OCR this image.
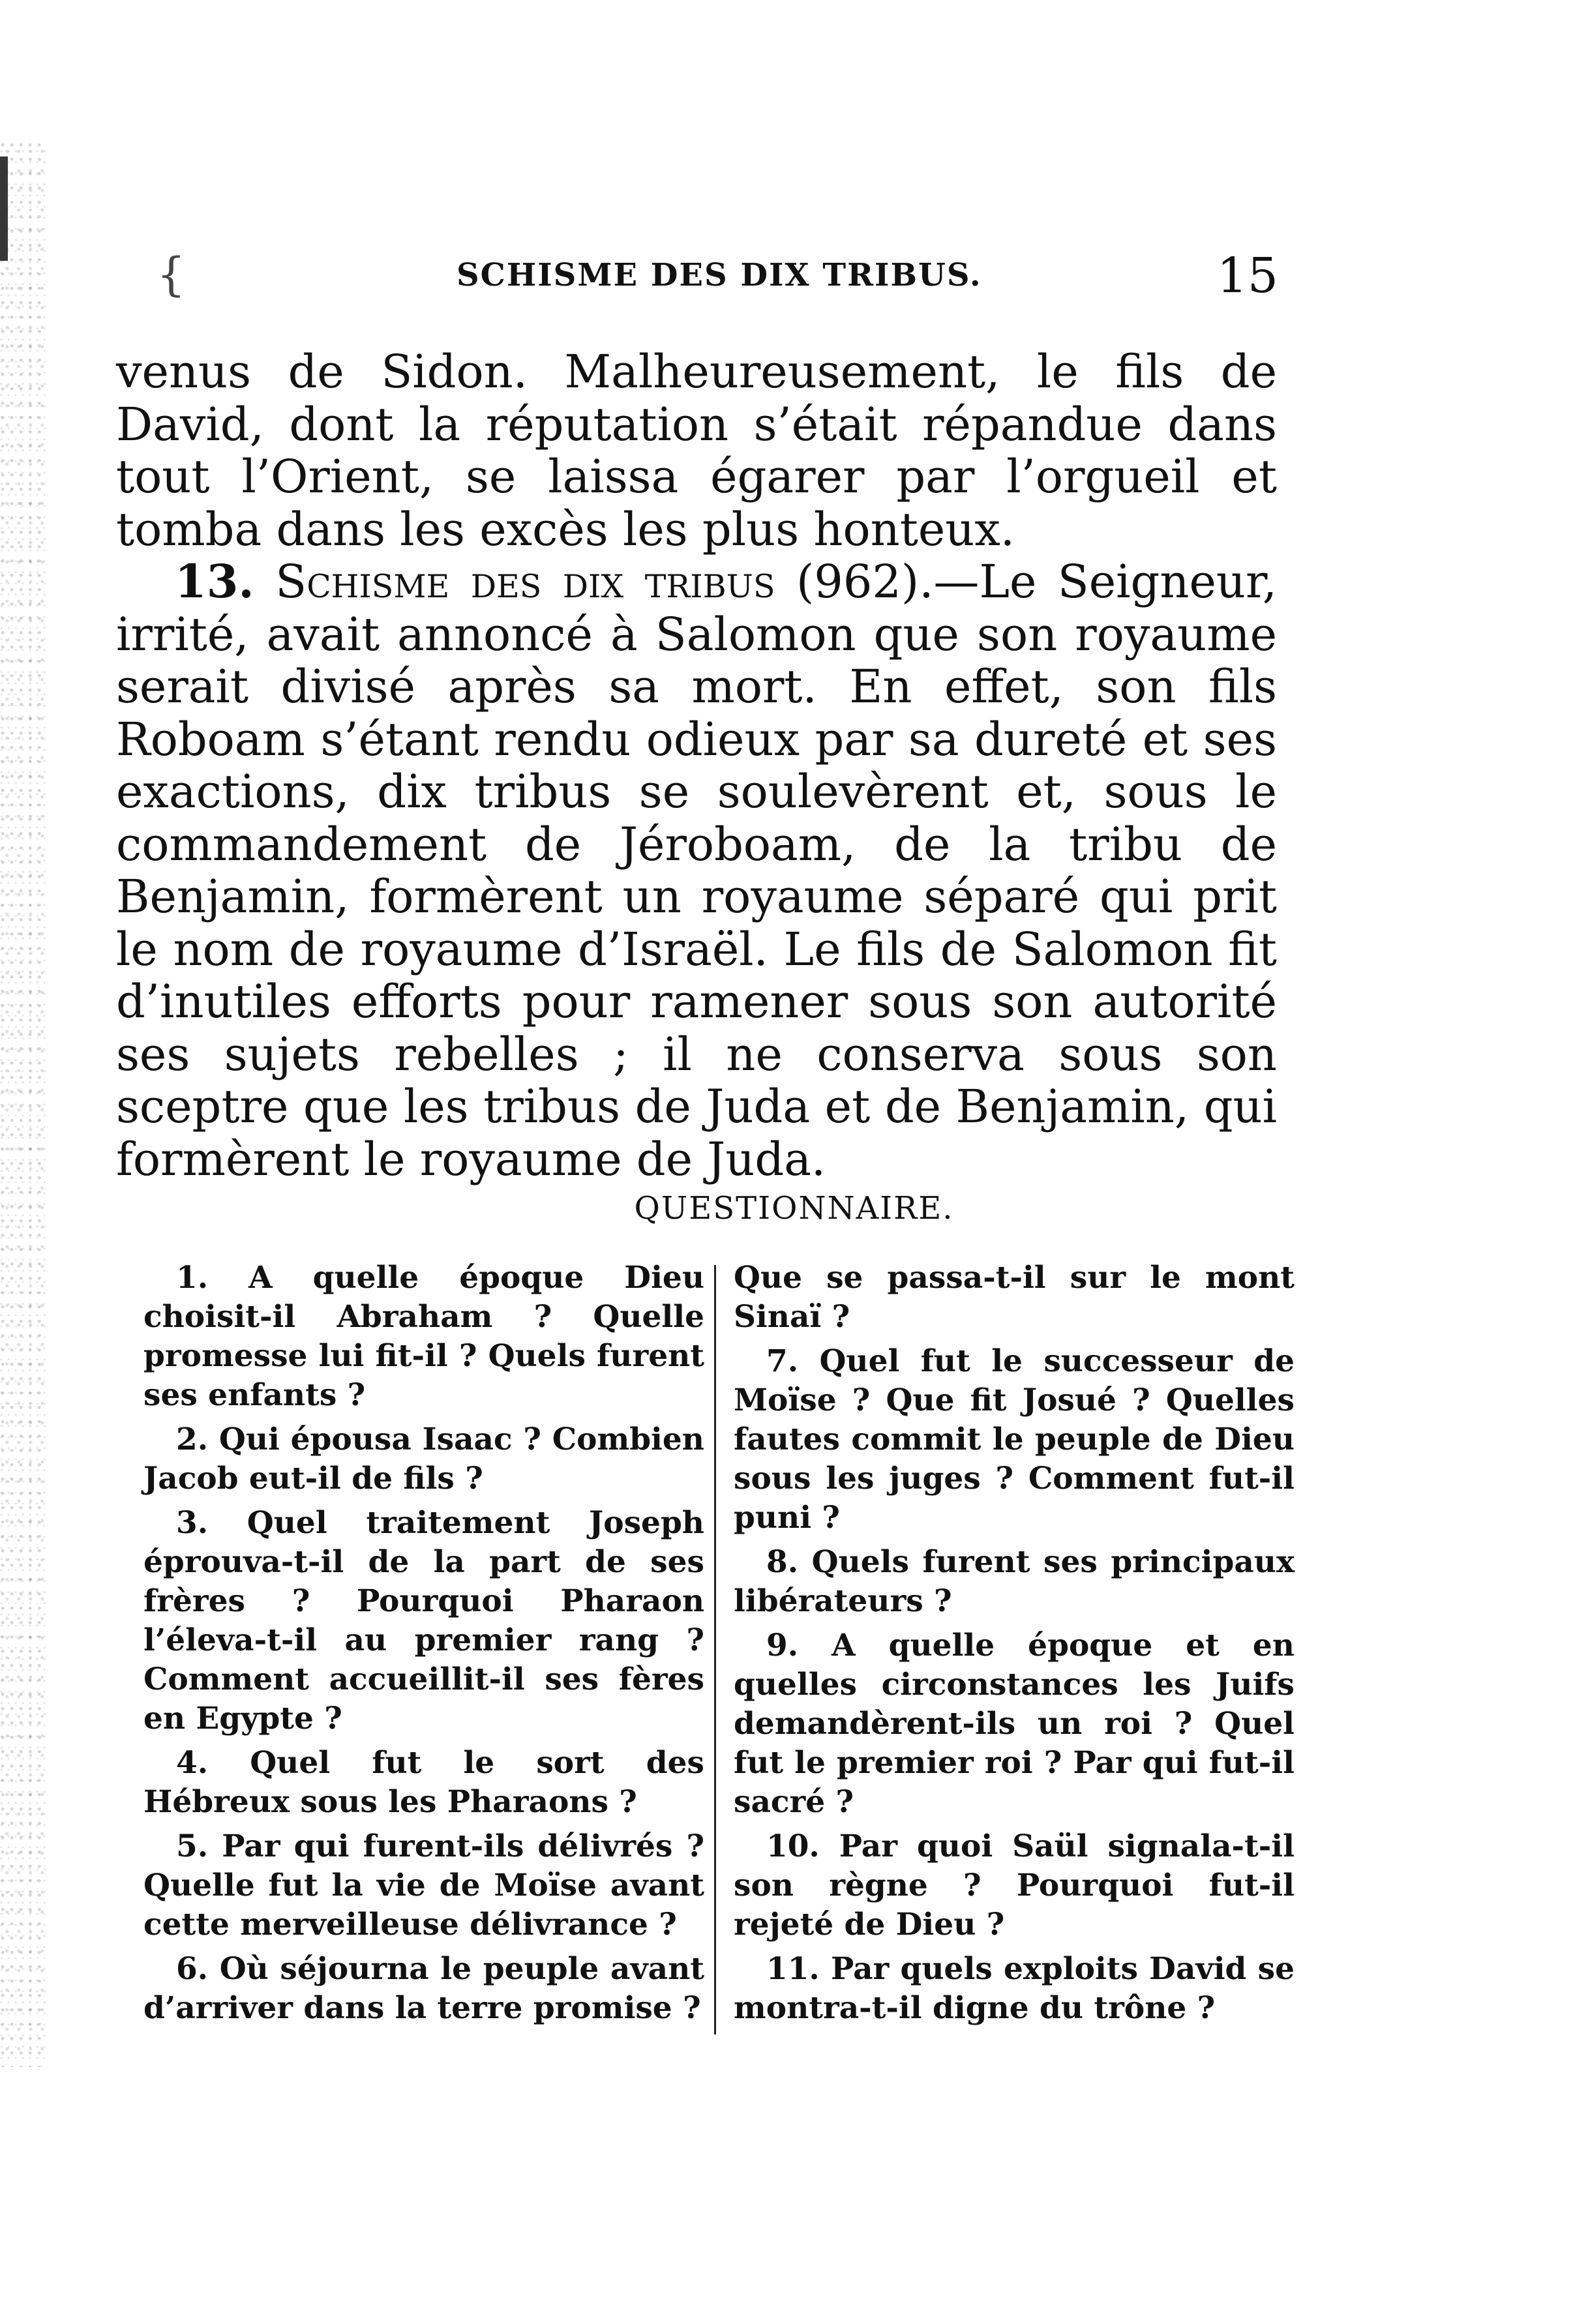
{	SCHISME DES DIX TRIBUS.	15

venus de Sidon. Malheureusement, le fils de David, dont la réputation s’était répandue dans tout l’Orient, se laissa égarer par l’orgueil et tomba dans les excès les plus honteux.

13. Schisme des dix tribus (962).—Le Seigneur, irrité, avait annoncé à Salomon que son royaume serait divisé après sa mort. En effet, son fils Roboam s’étant rendu odieux par sa dureté et ses exactions, dix tribus se soulevèrent et, sous le commandement de Jéroboam, de la tribu de Benjamin, formèrent un royaume séparé qui prit le nom de royaume d’Israël. Le fils de Salomon fit d’inutiles efforts pour ramener sous son autorité ses sujets rebelles ; il ne conserva sous son sceptre que les tribus de Juda et de Benjamin, qui formèrent le royaume de Juda.

QUESTIONNAIRE.

1. A quelle époque Dieu choisit-il Abraham ? Quelle promesse lui fit-il ? Quels furent ses enfants ?

2. Qui épousa Isaac ? Combien Jacob eut-il de fils ?

3. Quel traitement Joseph éprouva-t-il de la part de ses frères ? Pourquoi Pharaon l’éleva-t-il au premier rang ? Comment accueillit-il ses fères en Egypte ?

4. Quel fut le sort des Hébreux sous les Pharaons ?

5. Par qui furent-ils délivrés ? Quelle fut la vie de Moïse avant cette merveilleuse délivrance ?

6. Où séjourna le peuple avant d’arriver dans la terre promise ?

Que se passa-t-il sur le mont Sinaï ?

7. Quel fut le successeur de Moïse ? Que fit Josué ? Quelles fautes commit le peuple de Dieu sous les juges ? Comment fut-il puni ?

8. Quels furent ses principaux libérateurs ?

9. A quelle époque et en quelles circonstances les Juifs demandèrent-ils un roi ? Quel fut le premier roi ? Par qui fut-il sacré ?

10. Par quoi Saül signala-t-il son règne ? Pourquoi fut-il rejeté de Dieu ?

11. Par quels exploits David se montra-t-il digne du trône ?
